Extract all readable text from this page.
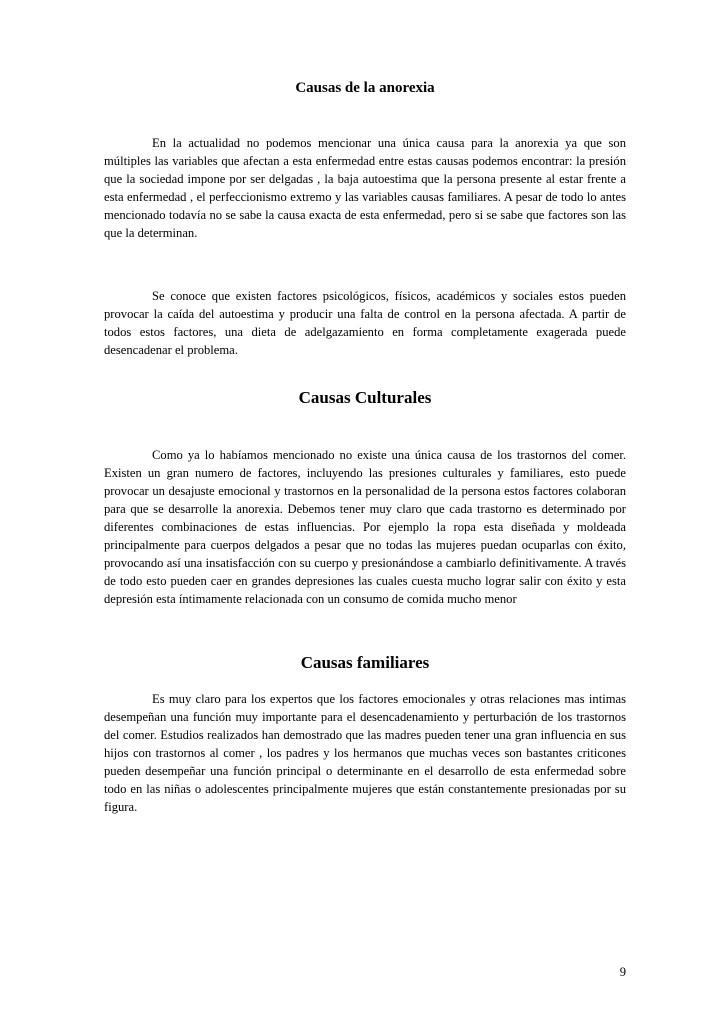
Causas de la anorexia

En la actualidad no podemos mencionar una única causa para la anorexia ya que son múltiples las variables que afectan a esta enfermedad entre estas causas podemos encontrar: la presión que la sociedad impone por ser delgadas , la baja autoestima que la persona presente al estar frente a esta enfermedad , el perfeccionismo extremo y las variables causas familiares. A pesar de todo lo antes mencionado todavía no se sabe la causa exacta de esta enfermedad, pero si se sabe que factores son las que la determinan.

Se conoce que existen factores psicológicos, físicos, académicos y sociales estos pueden provocar la caída del autoestima y producir una falta de control en la persona afectada. A partir de todos estos factores, una dieta de adelgazamiento en forma completamente exagerada puede desencadenar el problema.

Causas Culturales

Como ya lo habíamos mencionado no existe una única causa de los trastornos del comer. Existen un gran numero de factores, incluyendo las presiones culturales y familiares, esto puede provocar un desajuste emocional y trastornos en la personalidad de la persona estos factores colaboran para que se desarrolle la anorexia. Debemos tener muy claro que cada trastorno es determinado por diferentes combinaciones de estas influencias. Por ejemplo la ropa esta diseñada y moldeada principalmente para cuerpos delgados a pesar que no todas las mujeres puedan ocuparlas con éxito, provocando así una insatisfacción con su cuerpo y presionándose a cambiarlo definitivamente. A través de todo esto pueden caer en grandes depresiones las cuales cuesta mucho lograr salir con éxito y esta depresión esta íntimamente relacionada con un consumo de comida mucho menor

Causas familiares

Es muy claro para los expertos que los factores emocionales y otras relaciones mas intimas desempeñan una función muy importante para el desencadenamiento y perturbación de los trastornos del comer. Estudios realizados han demostrado que las madres pueden tener una gran influencia en sus hijos con trastornos al comer , los padres y los hermanos que muchas veces son bastantes criticones pueden desempeñar una función principal o determinante en el desarrollo de esta enfermedad sobre todo en las niñas o adolescentes principalmente mujeres que están constantemente presionadas por su figura.

9
